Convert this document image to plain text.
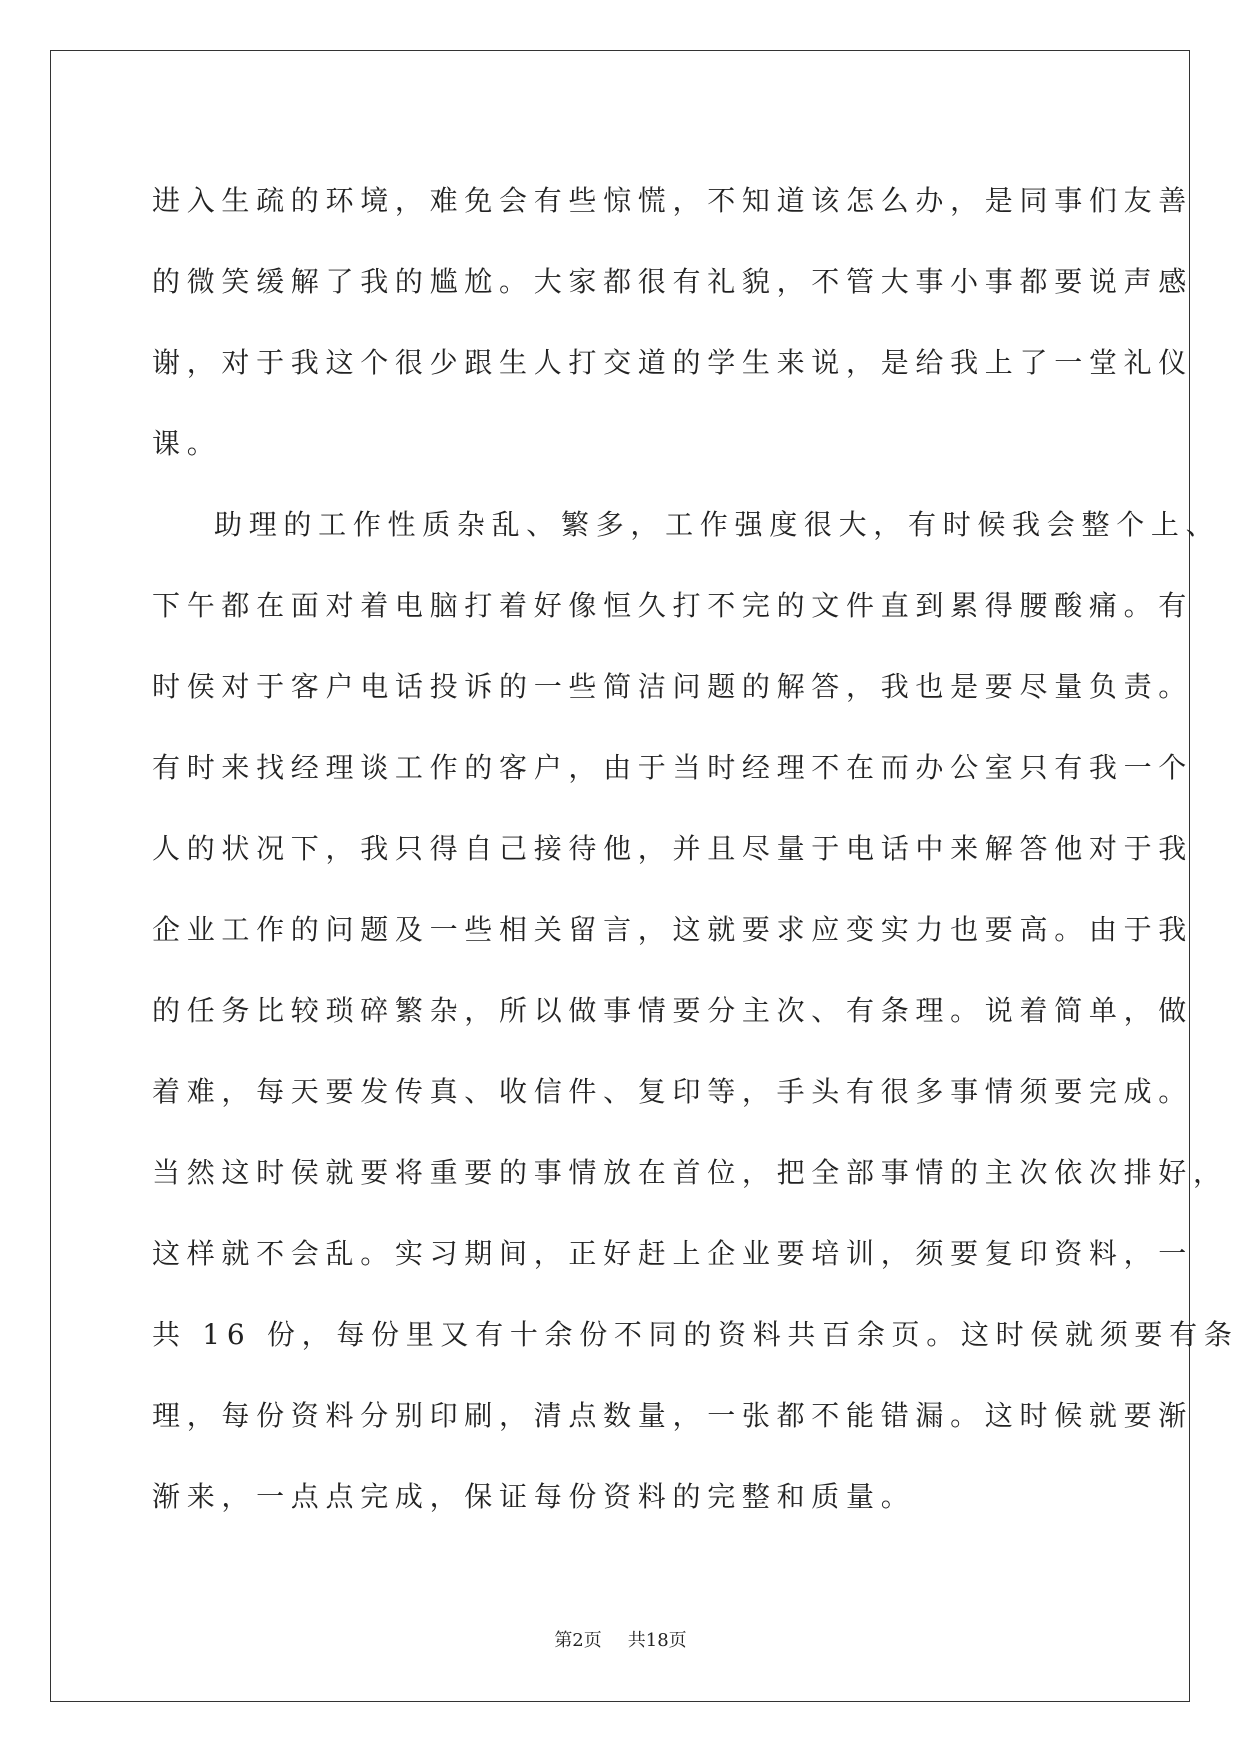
进入生疏的环境，难免会有些惊慌，不知道该怎么办，是同事们友善
的微笑缓解了我的尴尬。大家都很有礼貌，不管大事小事都要说声感
谢，对于我这个很少跟生人打交道的学生来说，是给我上了一堂礼仪
课。
助理的工作性质杂乱、繁多，工作强度很大，有时候我会整个上、
下午都在面对着电脑打着好像恒久打不完的文件直到累得腰酸痛。有
时侯对于客户电话投诉的一些简洁问题的解答，我也是要尽量负责。
有时来找经理谈工作的客户，由于当时经理不在而办公室只有我一个
人的状况下，我只得自己接待他，并且尽量于电话中来解答他对于我
企业工作的问题及一些相关留言，这就要求应变实力也要高。由于我
的任务比较琐碎繁杂，所以做事情要分主次、有条理。说着简单，做
着难，每天要发传真、收信件、复印等，手头有很多事情须要完成。
当然这时侯就要将重要的事情放在首位，把全部事情的主次依次排好，
这样就不会乱。实习期间，正好赶上企业要培训，须要复印资料，一
共 16 份，每份里又有十余份不同的资料共百余页。这时侯就须要有条
理，每份资料分别印刷，清点数量，一张都不能错漏。这时候就要渐
渐来，一点点完成，保证每份资料的完整和质量。
第2页 共18页
